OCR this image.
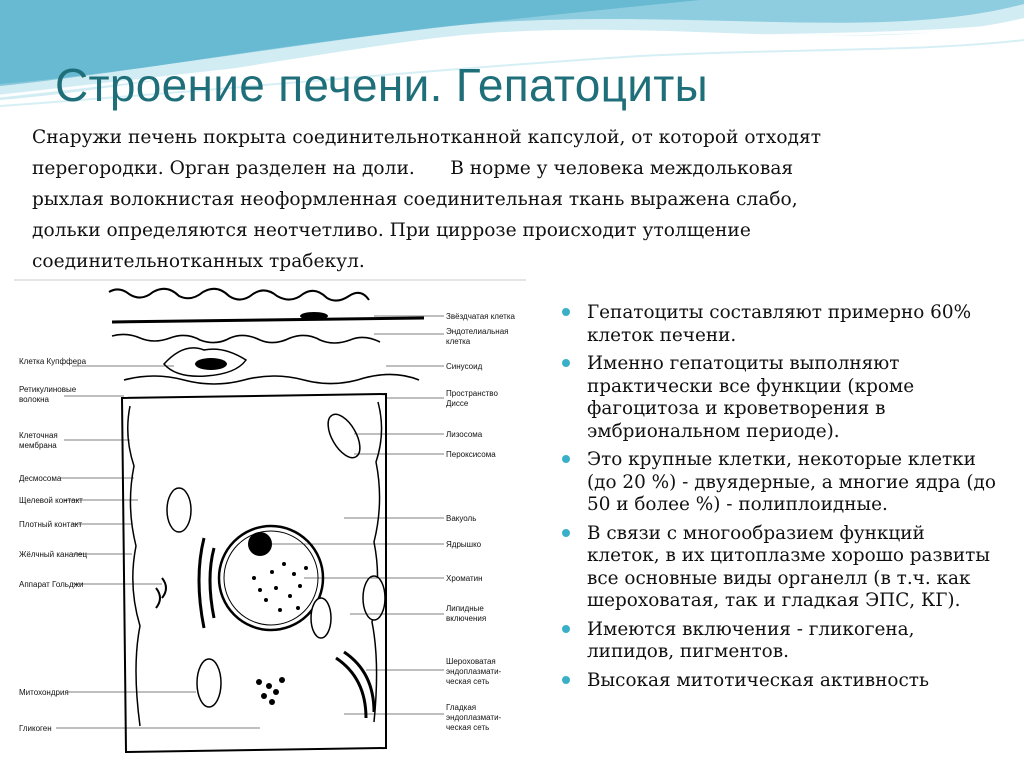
Строение печени. Гепатоциты
Снаружи печень покрыта соединительнотканной капсулой, от которой отходят
перегородки. Орган разделен на доли.      В норме у человека междольковая
рыхлая волокнистая неоформленная соединительная ткань выражена слабо,
дольки определяются неотчетливо. При циррозе происходит утолщение
соединительнотканных трабекул.
Клетка Купффера
Ретикулиновые
волокна
Клеточная
мембрана
Десмосома
Щелевой контакт
Плотный контакт
Жёлчный каналец
Аппарат Гольджи
Митохондрия
Гликоген
Звёздчатая клетка
Эндотелиальная
клетка
Синусоид
Пространство
Диссе
Лизосома
Пероксисома
Вакуоль
Ядрышко
Хроматин
Липидные
включения
Шероховатая
эндоплазмати-
ческая сеть
Гладкая
эндоплазмати-
ческая сеть
Гепатоциты составляют примерно 60% клеток печени.
Именно гепатоциты выполняют практически все функции (кроме фагоцитоза и кроветворения в эмбриональном периоде).
Это крупные клетки, некоторые клетки (до 20 %) - двуядерные, а многие ядра (до 50 и более %) - полиплоидные.
В связи с многообразием функций клеток, в их цитоплазме хорошо развиты все основные виды органелл (в т.ч. как шероховатая, так и гладкая ЭПС, КГ).
Имеются включения - гликогена, липидов, пигментов.
Высокая митотическая активность
